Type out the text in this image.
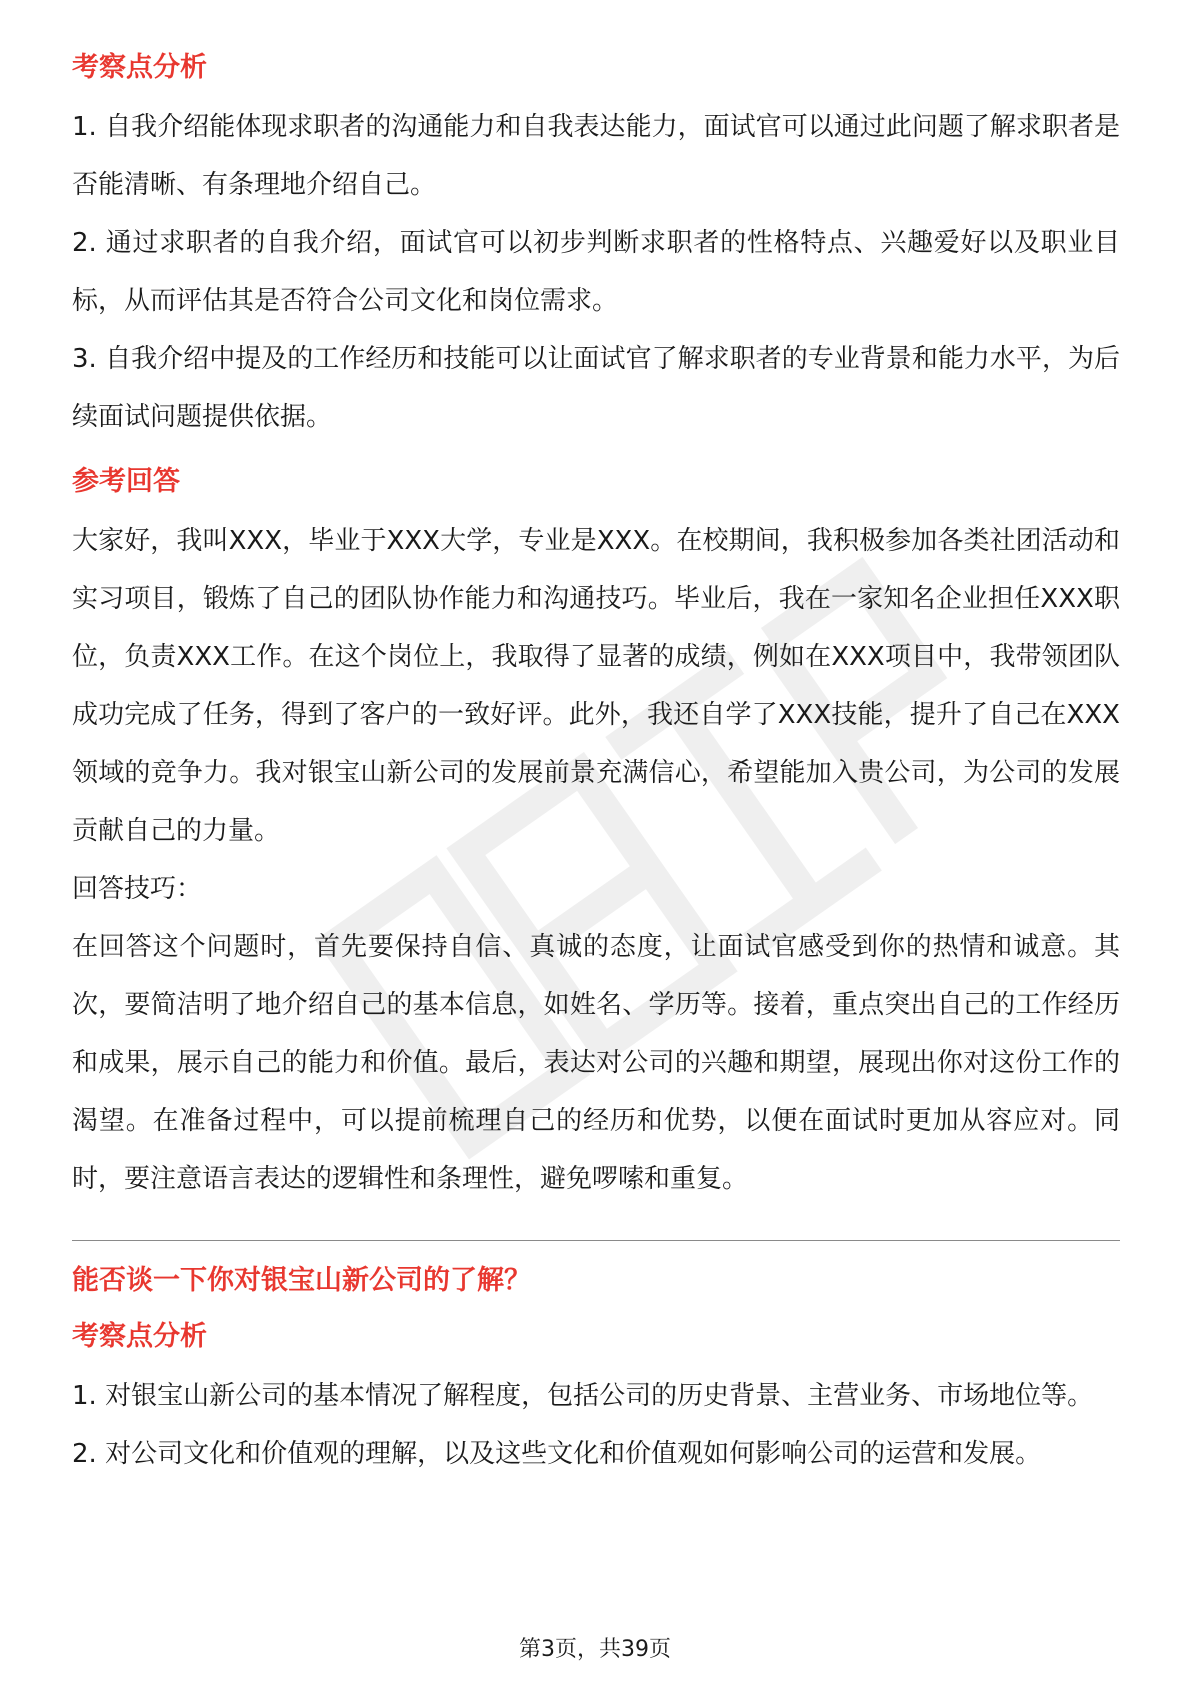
考察点分析

1. 自我介绍能体现求职者的沟通能力和自我表达能力，面试官可以通过此问题了解求职者是否能清晰、有条理地介绍自己。

2. 通过求职者的自我介绍，面试官可以初步判断求职者的性格特点、兴趣爱好以及职业目标，从而评估其是否符合公司文化和岗位需求。

3. 自我介绍中提及的工作经历和技能可以让面试官了解求职者的专业背景和能力水平，为后续面试问题提供依据。

参考回答

大家好，我叫XXX，毕业于XXX大学，专业是XXX。在校期间，我积极参加各类社团活动和实习项目，锻炼了自己的团队协作能力和沟通技巧。毕业后，我在一家知名企业担任XXX职位，负责XXX工作。在这个岗位上，我取得了显著的成绩，例如在XXX项目中，我带领团队成功完成了任务，得到了客户的一致好评。此外，我还自学了XXX技能，提升了自己在XXX领域的竞争力。我对银宝山新公司的发展前景充满信心，希望能加入贵公司，为公司的发展贡献自己的力量。

回答技巧：

在回答这个问题时，首先要保持自信、真诚的态度，让面试官感受到你的热情和诚意。其次，要简洁明了地介绍自己的基本信息，如姓名、学历等。接着，重点突出自己的工作经历和成果，展示自己的能力和价值。最后，表达对公司的兴趣和期望，展现出你对这份工作的渴望。在准备过程中，可以提前梳理自己的经历和优势，以便在面试时更加从容应对。同时，要注意语言表达的逻辑性和条理性，避免啰嗦和重复。

能否谈一下你对银宝山新公司的了解？
考察点分析

1. 对银宝山新公司的基本情况了解程度，包括公司的历史背景、主营业务、市场地位等。

2. 对公司文化和价值观的理解，以及这些文化和价值观如何影响公司的运营和发展。

第3页，共39页
